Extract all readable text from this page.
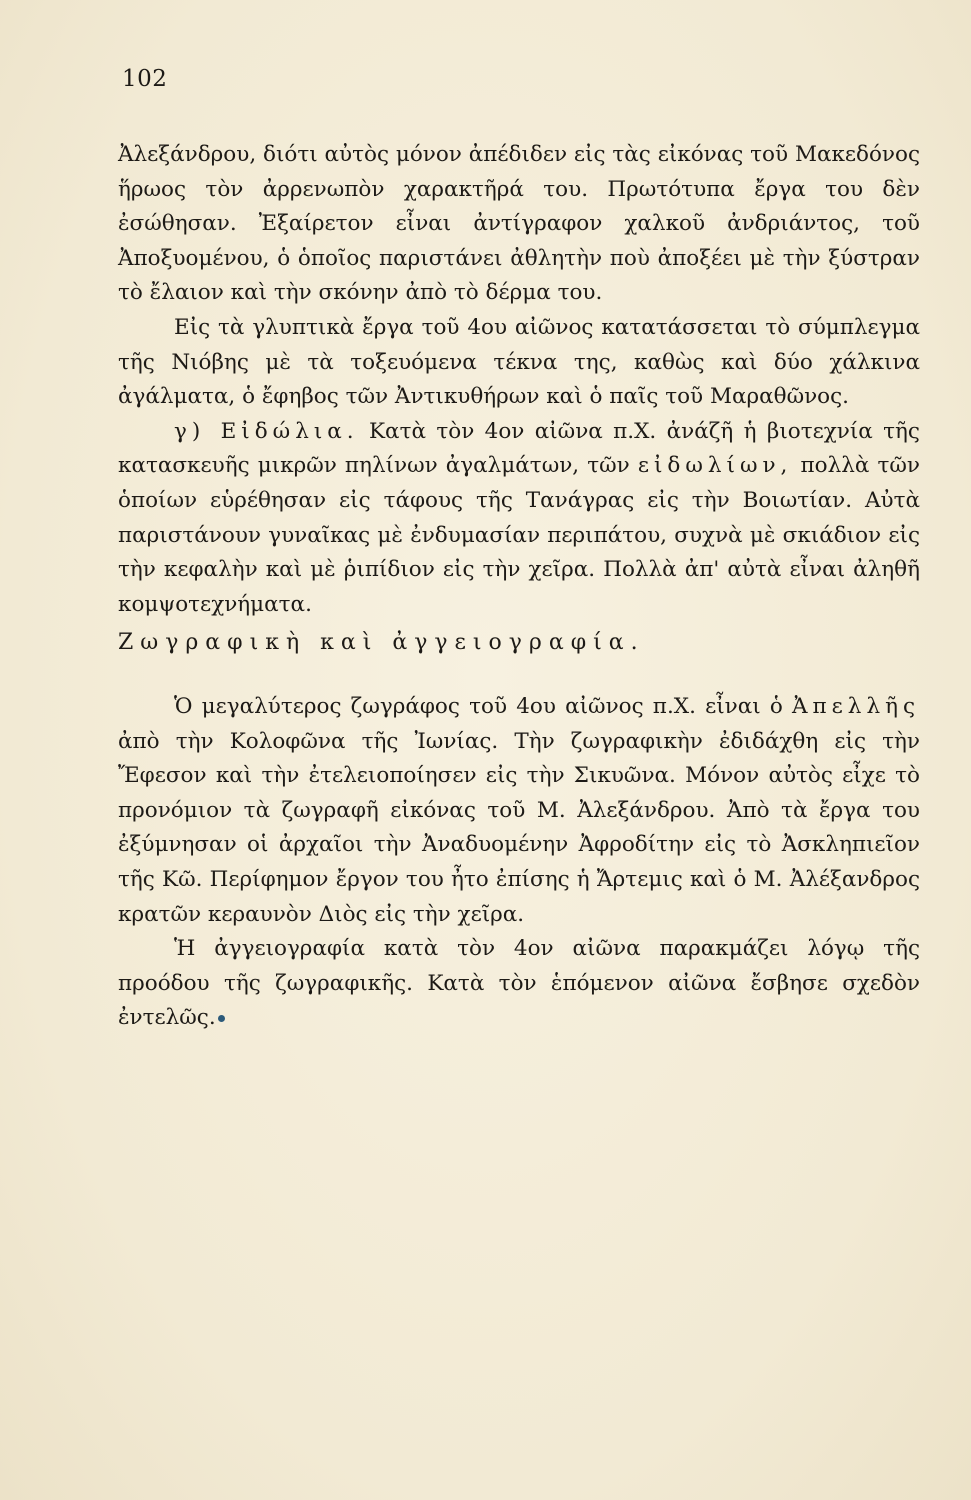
102

Ἀλεξάνδρου, διότι αὐτὸς μόνον ἀπέδιδεν εἰς τὰς εἰκόνας τοῦ Μακεδόνος ἥρωος τὸν ἀρρενωπὸν χαρακτῆρά του. Πρωτότυπα ἔργα του δὲν ἐσώθησαν. Ἐξαίρετον εἶναι ἀντίγραφον χαλκοῦ ἀνδριάντος, τοῦ Ἀποξυομένου, ὁ ὁποῖος παριστάνει ἀθλητὴν ποὺ ἀποξέει μὲ τὴν ξύστραν τὸ ἔλαιον καὶ τὴν σκόνην ἀπὸ τὸ δέρμα του.

Εἰς τὰ γλυπτικὰ ἔργα τοῦ 4ου αἰῶνος κατατάσσεται τὸ σύμπλεγμα τῆς Νιόβης μὲ τὰ τοξευόμενα τέκνα της, καθὼς καὶ δύο χάλκινα ἀγάλματα, ὁ ἔφηβος τῶν Ἀντικυθήρων καὶ ὁ παῖς τοῦ Μαραθῶνος.

γ) Εἰδώλια. Κατὰ τὸν 4ον αἰῶνα π.Χ. ἀνάζῆ ἡ βιοτεχνία τῆς κατασκευῆς μικρῶν πηλίνων ἀγαλμάτων, τῶν εἰδωλίων, πολλὰ τῶν ὁποίων εὑρέθησαν εἰς τάφους τῆς Τανάγρας εἰς τὴν Βοιωτίαν. Αὐτὰ παριστάνουν γυναῖκας μὲ ἐνδυμασίαν περιπάτου, συχνὰ μὲ σκιάδιον εἰς τὴν κεφαλὴν καὶ μὲ ῥιπίδιον εἰς τὴν χεῖρα. Πολλὰ ἀπ' αὐτὰ εἶναι ἀληθῆ κομψοτεχνήματα.

Ζωγραφικὴ καὶ ἀγγειογραφία.

Ὁ μεγαλύτερος ζωγράφος τοῦ 4ου αἰῶνος π.Χ. εἶναι ὁ Ἀπελλῆς ἀπὸ τὴν Κολοφῶνα τῆς Ἰωνίας. Τὴν ζωγραφικὴν ἐδιδάχθη εἰς τὴν Ἔφεσον καὶ τὴν ἐτελειοποίησεν εἰς τὴν Σικυῶνα. Μόνον αὐτὸς εἶχε τὸ προνόμιον τὰ ζωγραφῆ εἰκόνας τοῦ Μ. Ἀλεξάνδρου. Ἀπὸ τὰ ἔργα του ἐξύμνησαν οἱ ἀρχαῖοι τὴν Ἀναδυομένην Ἀφροδίτην εἰς τὸ Ἀσκληπιεῖον τῆς Κῶ. Περίφημον ἔργον του ἦτο ἐπίσης ἡ Ἄρτεμις καὶ ὁ Μ. Ἀλέξανδρος κρατῶν κεραυνὸν Διὸς εἰς τὴν χεῖρα.

Ἡ ἀγγειογραφία κατὰ τὸν 4ον αἰῶνα παρακμάζει λόγῳ τῆς προόδου τῆς ζωγραφικῆς. Κατὰ τὸν ἑπόμενον αἰῶνα ἔσβησε σχεδὸν ἐντελῶς.
